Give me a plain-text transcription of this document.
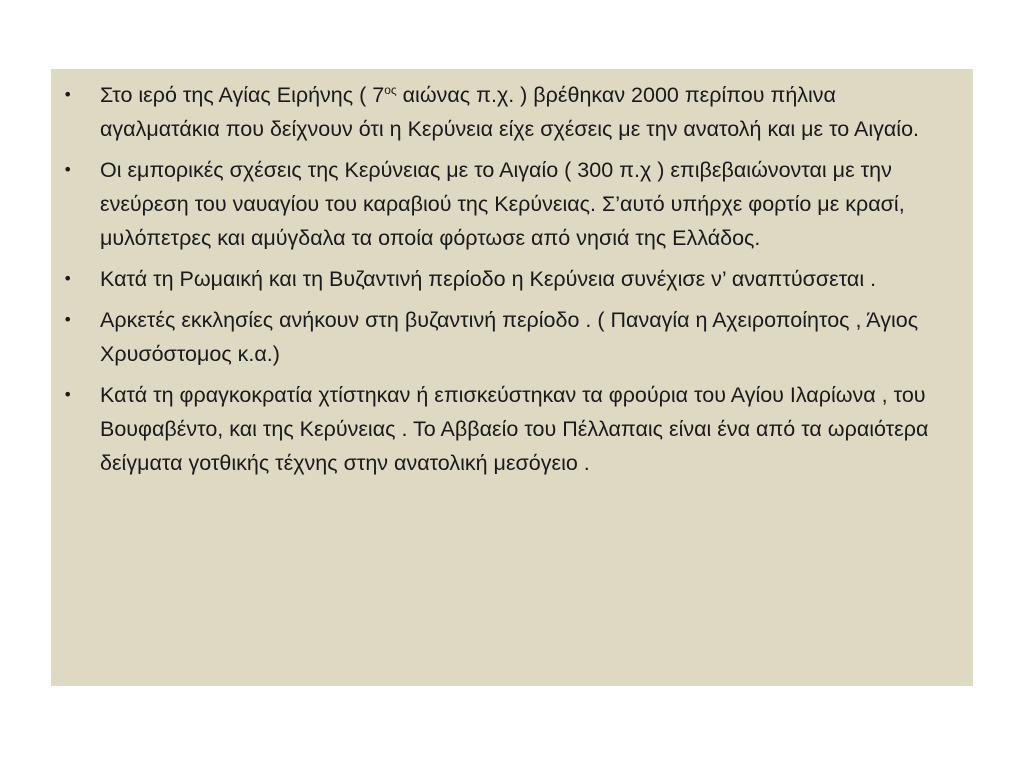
• Στο ιερό της Αγίας Ειρήνης ( $7^{o\varsigma}$ αιώνας π.χ. ) βρέθηκαν 2000 περίπου πήλινα αγαλματάκια που δείχνουν ότι η Κερύνεια είχε σχέσεις με την ανατολή και με το Αιγαίο.
• Οι εμπορικές σχέσεις της Κερύνειας με το Αιγαίο ( 300 π.χ ) επιβεβαιώνονται με την ενεύρεση του ναυαγίου του καραβιού της Κερύνειας. Σ’αυτό υπήρχε φορτίο με κρασί, μυλόπετρες και αμύγδαλα τα οποία φόρτωσε από νησιά της Ελλάδος.
• Κατά τη Ρωμαική και τη Βυζαντινή περίοδο η Κερύνεια συνέχισε ν’ αναπτύσσεται .
• Αρκετές εκκλησίες ανήκουν στη βυζαντινή περίοδο . ( Παναγία η Αχειροποίητος , Άγιος Χρυσόστομος κ.α.)
• Κατά τη φραγκοκρατία χτίστηκαν ή επισκεύστηκαν τα φρούρια του Αγίου Ιλαρίωνα , του Βουφαβέντο, και της Κερύνειας . Το Αββαείο του Πέλλαπαις είναι ένα από τα ωραιότερα δείγματα γοτθικής τέχνης στην ανατολική μεσόγειο .
